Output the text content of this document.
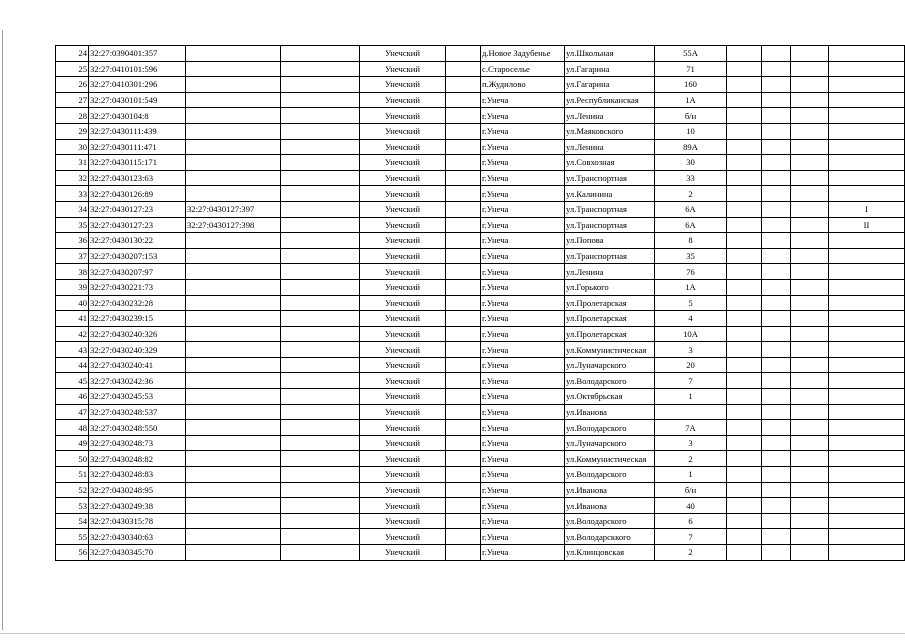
24	32:27:0390401:357			Унечский		д.Новое Задубенье	ул.Школьная	55А				
25	32:27:0410101:596			Унечский		с.Староселье	ул.Гагарина	71				
26	32:27:0410301:296			Унечский		п.Жудилово	ул.Гагарина	160				
27	32:27:0430101:549			Унечский		г.Унеча	ул.Республиканская	1А				
28	32:27:0430104:8			Унечский		г.Унеча	ул.Ленина	б/н				
29	32:27:0430111:439			Унечский		г.Унеча	ул.Маяковского	10				
30	32:27:0430111:471			Унечский		г.Унеча	ул.Ленина	89А				
31	32:27:0430115:171			Унечский		г.Унеча	ул.Совхозная	30				
32	32:27:0430123:63			Унечский		г.Унеча	ул.Транспортная	33				
33	32:27:0430126:89			Унечский		г.Унеча	ул.Калинина	2				
34	32:27:0430127:23	32:27:0430127:397		Унечский		г.Унеча	ул.Транспортная	6А				I
35	32:27:0430127:23	32:27:0430127:398		Унечский		г.Унеча	ул.Транспортная	6А				II
36	32:27:0430130:22			Унечский		г.Унеча	ул.Попова	8				
37	32:27:0430207:153			Унечский		г.Унеча	ул.Транспортная	35				
38	32:27:0430207:97			Унечский		г.Унеча	ул.Ленина	76				
39	32:27:0430221:73			Унечский		г.Унеча	ул.Горького	1А				
40	32:27:0430232:28			Унечский		г.Унеча	ул.Пролетарская	5				
41	32:27:0430239:15			Унечский		г.Унеча	ул.Пролетарская	4				
42	32:27:0430240:326			Унечский		г.Унеча	ул.Пролетарская	10А				
43	32:27:0430240:329			Унечский		г.Унеча	ул.Коммунистическая	3				
44	32:27:0430240:41			Унечский		г.Унеча	ул.Луначарского	20				
45	32:27:0430242:36			Унечский		г.Унеча	ул.Володарского	7				
46	32:27:0430245:53			Унечский		г.Унеча	ул.Октябрьская	1				
47	32:27:0430248:537			Унечский		г.Унеча	ул.Иванова					
48	32:27:0430248:550			Унечский		г.Унеча	ул.Володарского	7А				
49	32:27:0430248:73			Унечский		г.Унеча	ул.Луначарского	3				
50	32:27:0430248:82			Унечский		г.Унеча	ул.Коммунистическая	2				
51	32:27:0430248:83			Унечский		г.Унеча	ул.Володарского	1				
52	32:27:0430248:95			Унечский		г.Унеча	ул.Иванова	б/н				
53	32:27:0430249:38			Унечский		г.Унеча	ул.Иванова	40				
54	32:27:0430315:78			Унечский		г.Унеча	ул.Володарского	6				
55	32:27:0430340:63			Унечский		г.Унеча	ул.Володарсккого	7				
56	32:27:0430345:70			Унечский		г.Унеча	ул.Клинцовская	2				
